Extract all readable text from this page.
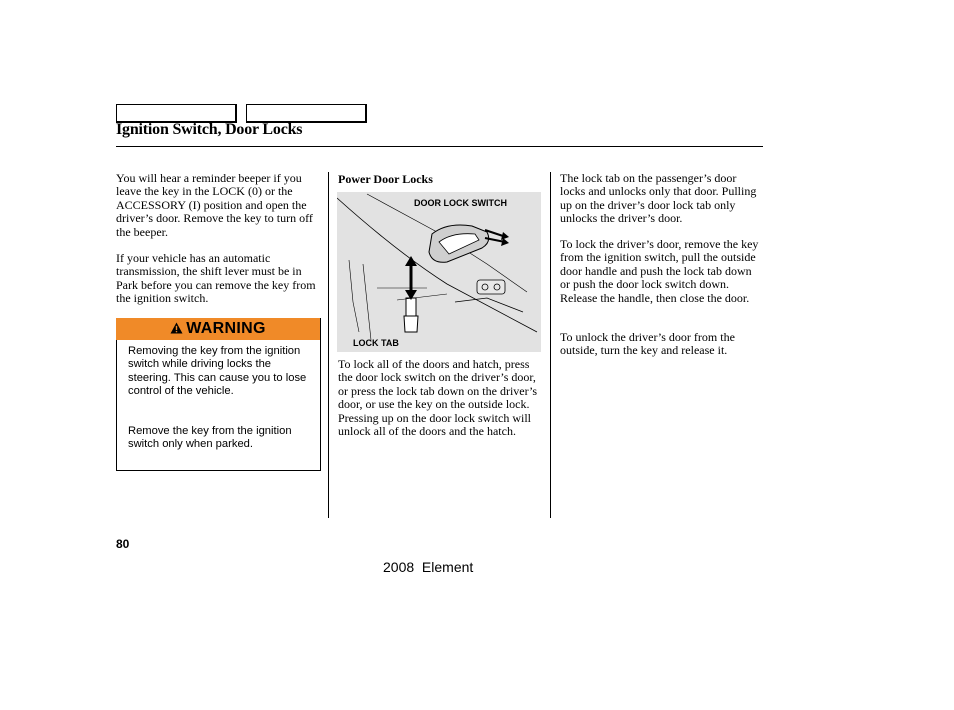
Ignition Switch, Door Locks

You will hear a reminder beeper if you leave the key in the LOCK (0) or the ACCESSORY (I) position and open the driver’s door. Remove the key to turn off the beeper.

If your vehicle has an automatic transmission, the shift lever must be in Park before you can remove the key from the ignition switch.

WARNING

Removing the key from the ignition switch while driving locks the steering. This can cause you to lose control of the vehicle.

Remove the key from the ignition switch only when parked.

Power Door Locks
DOOR LOCK SWITCH
LOCK TAB

To lock all of the doors and hatch, press the door lock switch on the driver’s door, or press the lock tab down on the driver’s door, or use the key on the outside lock. Pressing up on the door lock switch will unlock all of the doors and the hatch.

The lock tab on the passenger’s door locks and unlocks only that door. Pulling up on the driver’s door lock tab only unlocks the driver’s door.

To lock the driver’s door, remove the key from the ignition switch, pull the outside door handle and push the lock tab down or push the door lock switch down. Release the handle, then close the door.

To unlock the driver’s door from the outside, turn the key and release it.

80
2008  Element
